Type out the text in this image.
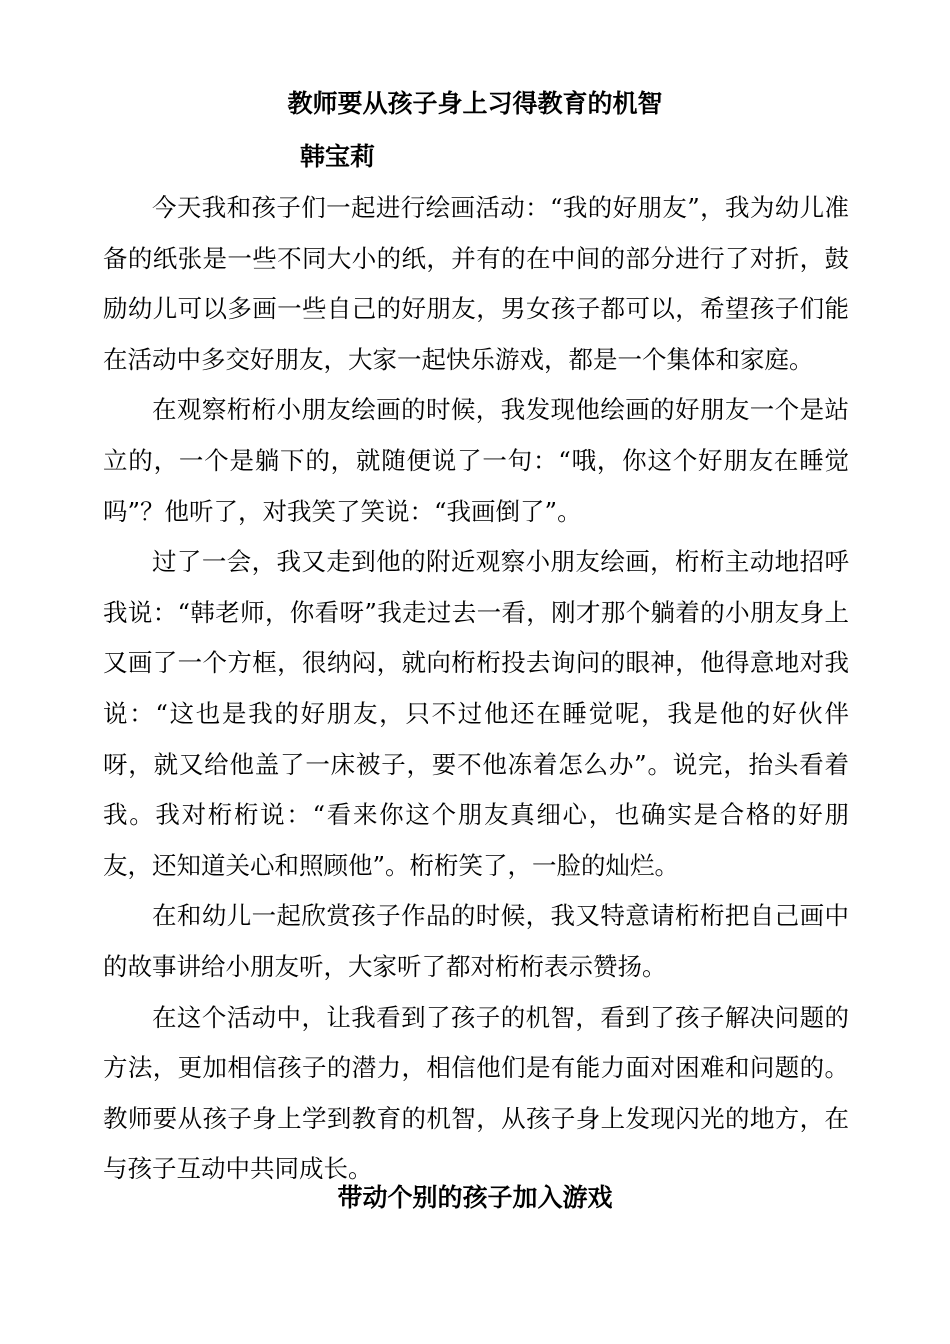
教师要从孩子身上习得教育的机智
韩宝莉

今天我和孩子们一起进行绘画活动：“我的好朋友”，我为幼儿准备的纸张是一些不同大小的纸，并有的在中间的部分进行了对折，鼓励幼儿可以多画一些自己的好朋友，男女孩子都可以，希望孩子们能在活动中多交好朋友，大家一起快乐游戏，都是一个集体和家庭。

在观察桁桁小朋友绘画的时候，我发现他绘画的好朋友一个是站立的，一个是躺下的，就随便说了一句：“哦，你这个好朋友在睡觉吗”？他听了，对我笑了笑说：“我画倒了”。

过了一会，我又走到他的附近观察小朋友绘画，桁桁主动地招呼我说：“韩老师，你看呀”我走过去一看，刚才那个躺着的小朋友身上又画了一个方框，很纳闷，就向桁桁投去询问的眼神，他得意地对我说：“这也是我的好朋友，只不过他还在睡觉呢，我是他的好伙伴呀，就又给他盖了一床被子，要不他冻着怎么办”。说完，抬头看着我。我对桁桁说：“看来你这个朋友真细心，也确实是合格的好朋友，还知道关心和照顾他”。桁桁笑了，一脸的灿烂。

在和幼儿一起欣赏孩子作品的时候，我又特意请桁桁把自己画中的故事讲给小朋友听，大家听了都对桁桁表示赞扬。

在这个活动中，让我看到了孩子的机智，看到了孩子解决问题的方法，更加相信孩子的潜力，相信他们是有能力面对困难和问题的。教师要从孩子身上学到教育的机智，从孩子身上发现闪光的地方，在与孩子互动中共同成长。

带动个别的孩子加入游戏
